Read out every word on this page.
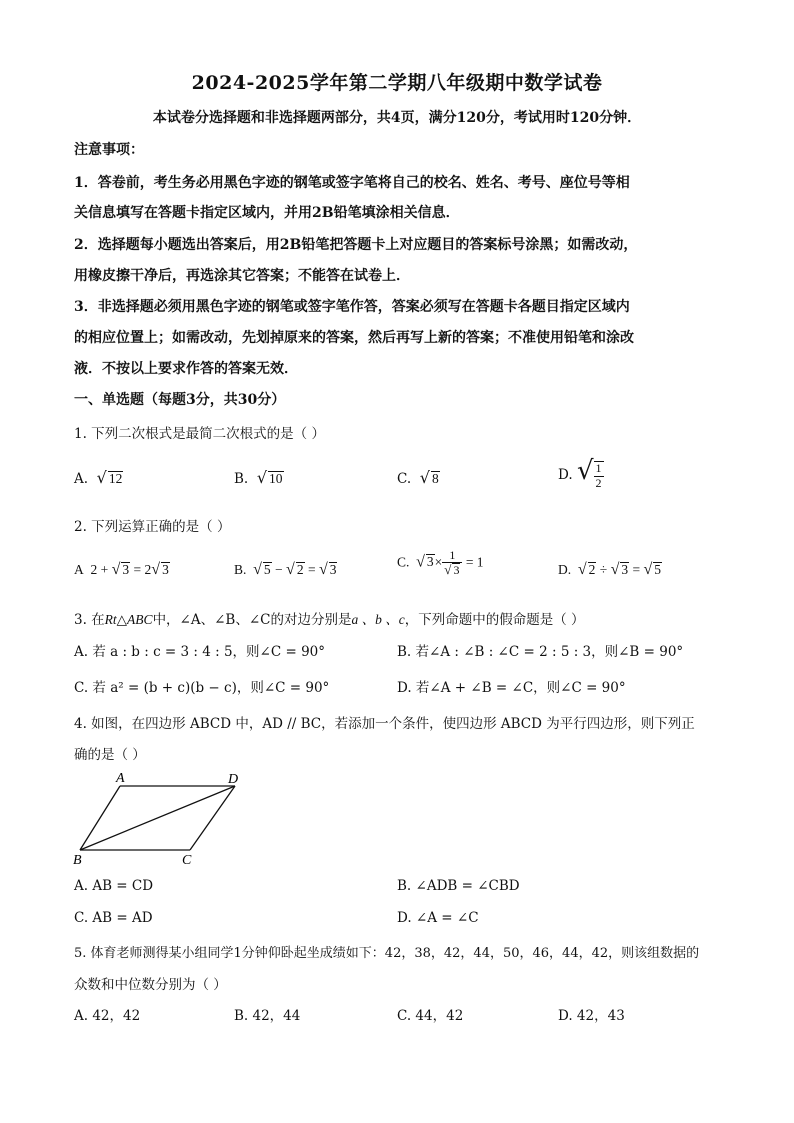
2024-2025学年第二学期八年级期中数学试卷
本试卷分选择题和非选择题两部分，共4页，满分120分，考试用时120分钟．
注意事项：
1．答卷前，考生务必用黑色字迹的钢笔或签字笔将自己的校名、姓名、考号、座位号等相
关信息填写在答题卡指定区域内，并用2B铅笔填涂相关信息．
2．选择题每小题选出答案后，用2B铅笔把答题卡上对应题目的答案标号涂黑；如需改动，
用橡皮擦干净后，再选涂其它答案；不能答在试卷上．
3．非选择题必须用黑色字迹的钢笔或签字笔作答，答案必须写在答题卡各题目指定区域内
的相应位置上；如需改动，先划掉原来的答案，然后再写上新的答案；不准使用铅笔和涂改
液．不按以上要求作答的答案无效．
一、单选题（每题3分，共30分）
1. 下列二次根式是最简二次根式的是（ ）
A. √ 12	B. √ 10	C. √ 8	D. √ $\frac{1}{2}$
2. 下列运算正确的是（ ）
A 2 + √ 3 = 2√ 3	B. √ 5 − √ 2 = √ 3
C. √ $3\times \frac{1}{√ 3} = 1$
D. √ 2 ÷ √ 3 = √ 5
3. 在Rt△ABC中，∠A、∠B、∠C的对边分别是a 、b 、c，下列命题中的假命题是（ ）
A. 若 a : b : c = 3 : 4 : 5，则∠C = 90°	B. 若∠A : ∠B : ∠C = 2 : 5 : 3，则∠B = 90°
C. 若 a² = (b + c)(b − c)，则∠C = 90°	D. 若∠A + ∠B = ∠C，则∠C = 90°
4. 如图，在四边形 ABCD 中，AD // BC，若添加一个条件，使四边形 ABCD 为平行四边形，则下列正
确的是（ ）
A	D
B	C
A. AB = CD	B. ∠ADB = ∠CBD
C. AB = AD	D. ∠A = ∠C
5. 体育老师测得某小组同学1分钟仰卧起坐成绩如下：42，38，42，44，50，46，44，42，则该组数据的
众数和中位数分别为（ ）
A. 42，42	B. 42，44	C. 44，42	D. 42，43
